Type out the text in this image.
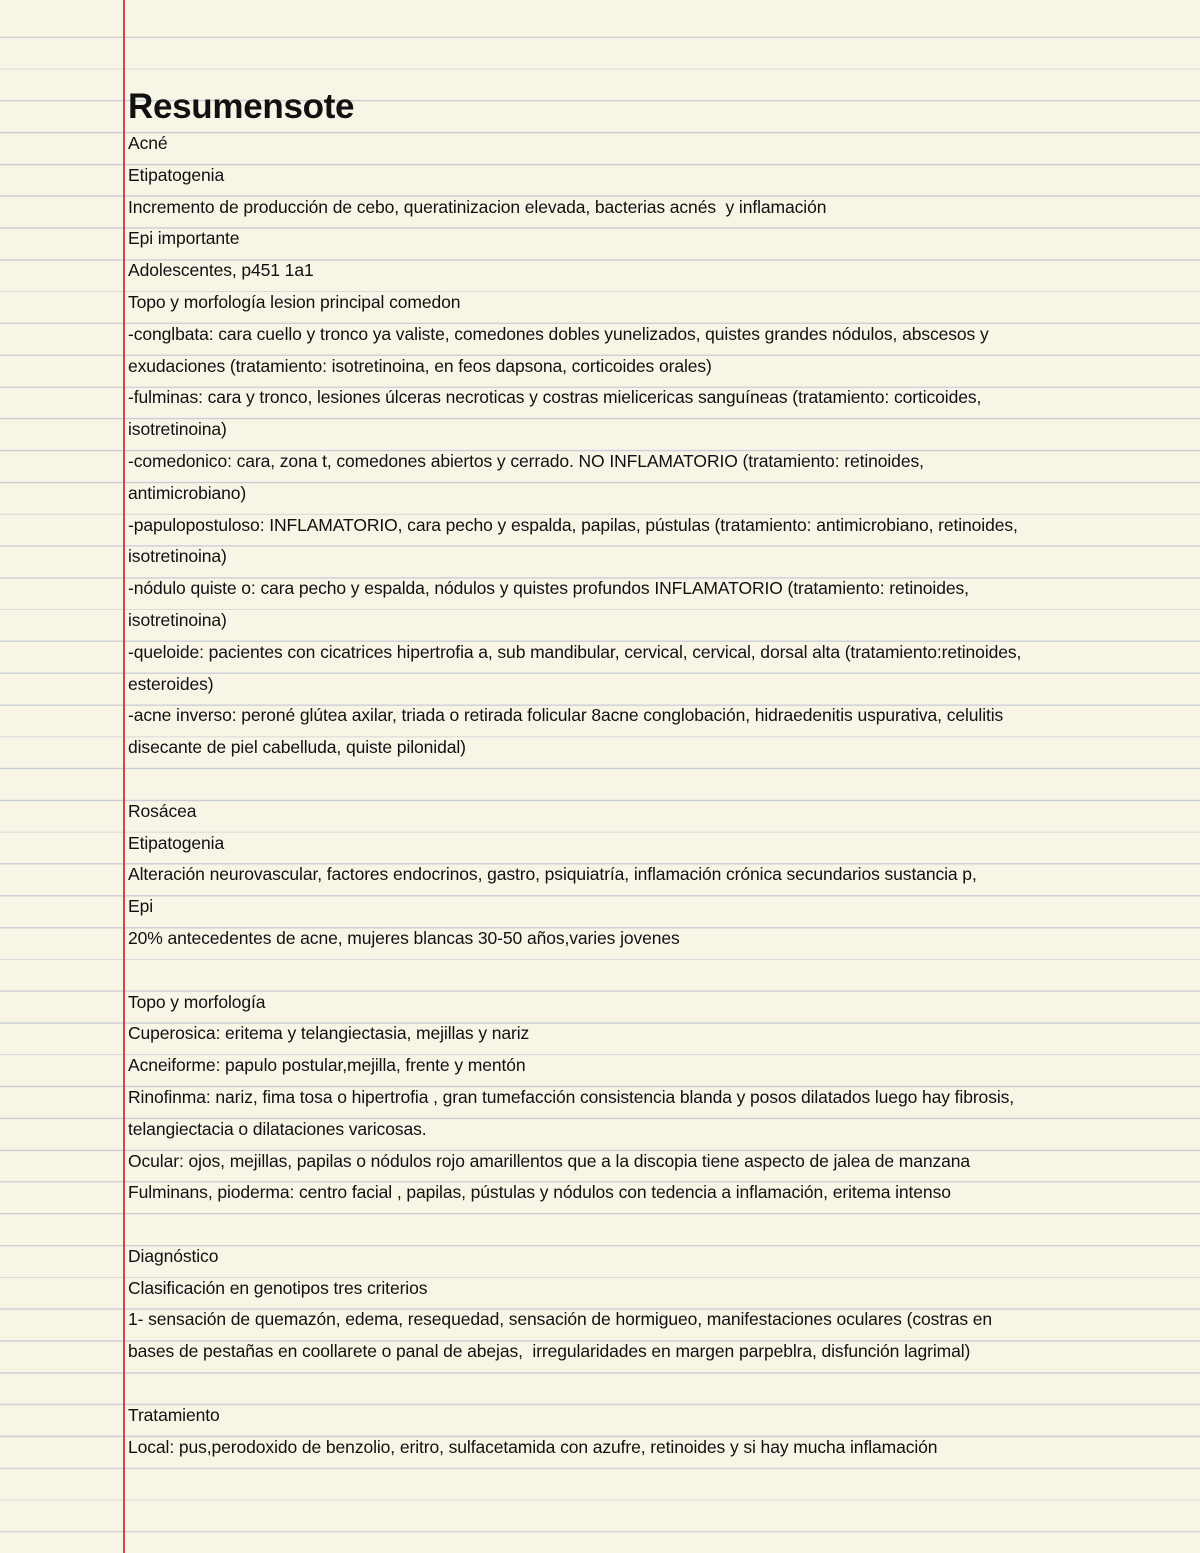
Resumensote
Acné
Etipatogenia
Incremento de producción de cebo, queratinizacion elevada, bacterias acnés  y inflamación
Epi importante
Adolescentes, p451 1a1
Topo y morfología lesion principal comedon
-conglbata: cara cuello y tronco ya valiste, comedones dobles yunelizados, quistes grandes nódulos, abscesos y
exudaciones (tratamiento: isotretinoina, en feos dapsona, corticoides orales)
-fulminas: cara y tronco, lesiones úlceras necroticas y costras mielicericas sanguíneas (tratamiento: corticoides,
isotretinoina)
-comedonico: cara, zona t, comedones abiertos y cerrado. NO INFLAMATORIO (tratamiento: retinoides,
antimicrobiano)
-papulopostuloso: INFLAMATORIO, cara pecho y espalda, papilas, pústulas (tratamiento: antimicrobiano, retinoides,
isotretinoina)
-nódulo quiste o: cara pecho y espalda, nódulos y quistes profundos INFLAMATORIO (tratamiento: retinoides,
isotretinoina)
-queloide: pacientes con cicatrices hipertrofia a, sub mandibular, cervical, cervical, dorsal alta (tratamiento:retinoides,
esteroides)
-acne inverso: peroné glútea axilar, triada o retirada folicular 8acne conglobación, hidraedenitis uspurativa, celulitis
disecante de piel cabelluda, quiste pilonidal)
Rosácea
Etipatogenia
Alteración neurovascular, factores endocrinos, gastro, psiquiatría, inflamación crónica secundarios sustancia p,
Epi
20% antecedentes de acne, mujeres blancas 30-50 años,varies jovenes
Topo y morfología
Cuperosica: eritema y telangiectasia, mejillas y nariz
Acneiforme: papulo postular,mejilla, frente y mentón
Rinofinma: nariz, fima tosa o hipertrofia , gran tumefacción consistencia blanda y posos dilatados luego hay fibrosis,
telangiectacia o dilataciones varicosas.
Ocular: ojos, mejillas, papilas o nódulos rojo amarillentos que a la discopia tiene aspecto de jalea de manzana
Fulminans, pioderma: centro facial , papilas, pústulas y nódulos con tedencia a inflamación, eritema intenso
Diagnóstico
Clasificación en genotipos tres criterios
1- sensación de quemazón, edema, resequedad, sensación de hormigueo, manifestaciones oculares (costras en
bases de pestañas en coollarete o panal de abejas,  irregularidades en margen parpeblra, disfunción lagrimal)
Tratamiento
Local: pus,perodoxido de benzolio, eritro, sulfacetamida con azufre, retinoides y si hay mucha inflamación
